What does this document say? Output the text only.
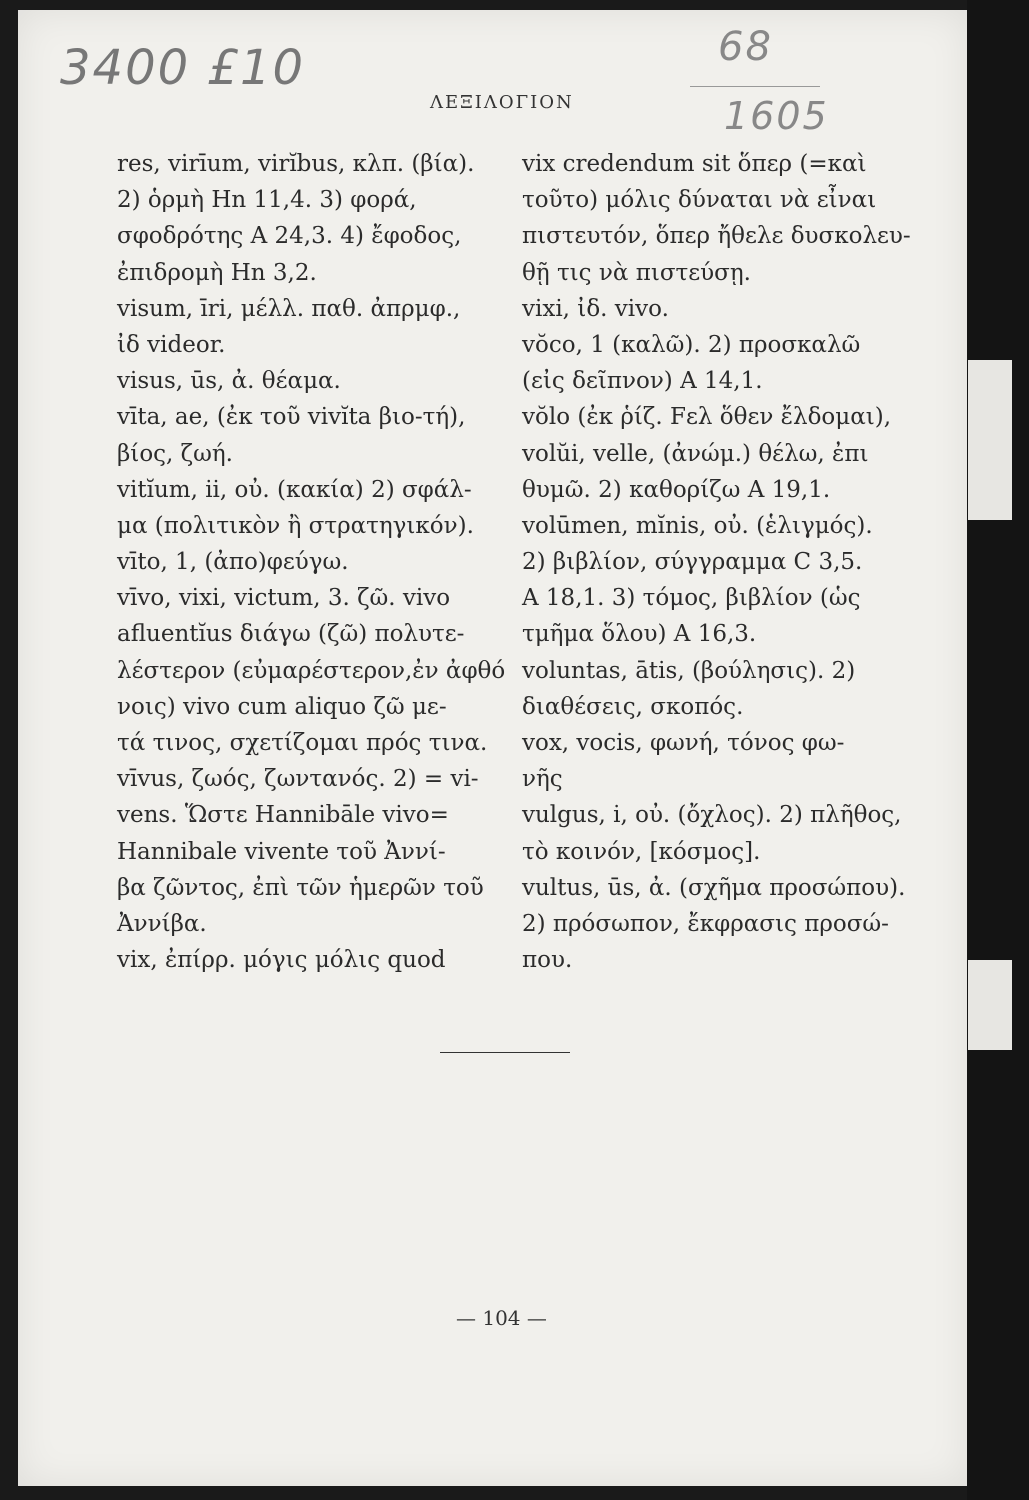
3400 £10	68
1605
ΛΕΞΙΛΟΓΙΟΝ
res, virīum, virĭbus, κλπ. (βία).
2) ὁρμὴ Hn 11,4. 3) φορά,
σφοδρότης Α 24,3. 4) ἔφοδος,
ἐπιδρομὴ Hn 3,2.
visum, īri, μέλλ. παθ. ἀπρμφ.,
ἰδ videor.
visus, ūs, ἀ. θέαμα.
vīta, ae, (ἐκ τοῦ vivĭta βιο-τή),
βίος, ζωή.
vitĭum, ii, οὐ. (κακία) 2) σφάλ-
μα (πολιτικὸν ἢ στρατηγικόν).
vīto, 1, (ἀπο)φεύγω.
vīvo, vixi, victum, 3. ζῶ. vivo
afluentĭus διάγω (ζῶ) πολυτε-
λέστερον (εὐμαρέστερον,ἐν ἀφθό
νοις) vivo cum aliquo ζῶ με-
τά τινος, σχετίζομαι πρός τινα.
vīvus, ζωός, ζωντανός. 2) = vi-
vens. Ὥστε Hannibāle vivo=
Hannibale vivente τοῦ Ἀννί-
βα ζῶντος, ἐπὶ τῶν ἡμερῶν τοῦ
Ἀννίβα.
vix, ἐπίρρ. μόγις μόλις quod
vix credendum sit ὅπερ (=καὶ
τοῦτο) μόλις δύναται νὰ εἶναι
πιστευτόν, ὅπερ ἤθελε δυσκολευ-
θῇ τις νὰ πιστεύσῃ.
vixi, ἰδ. vivo.
vŏco, 1 (καλῶ). 2) προσκαλῶ
(εἰς δεῖπνον) Α 14,1.
vŏlo (ἐκ ῥίζ. Fελ ὅθεν ἔλδομαι),
volŭi, velle, (ἀνώμ.) θέλω, ἐπι
θυμῶ. 2) καθορίζω Α 19,1.
volūmen, mĭnis, οὐ. (ἑλιγμός).
2) βιβλίον, σύγγραμμα C 3,5.
Α 18,1. 3) τόμος, βιβλίον (ὡς
τμῆμα ὅλου) Α 16,3.
voluntas, ātis, (βούλησις). 2)
διαθέσεις, σκοπός.
vox, vocis, φωνή, τόνος φω-
νῆς
vulgus, i, οὐ. (ὄχλος). 2) πλῆθος,
τὸ κοινόν, [κόσμος].
vultus, ūs, ἀ. (σχῆμα προσώπου).
2) πρόσωπον, ἔκφρασις προσώ-
που.
— 104 —
